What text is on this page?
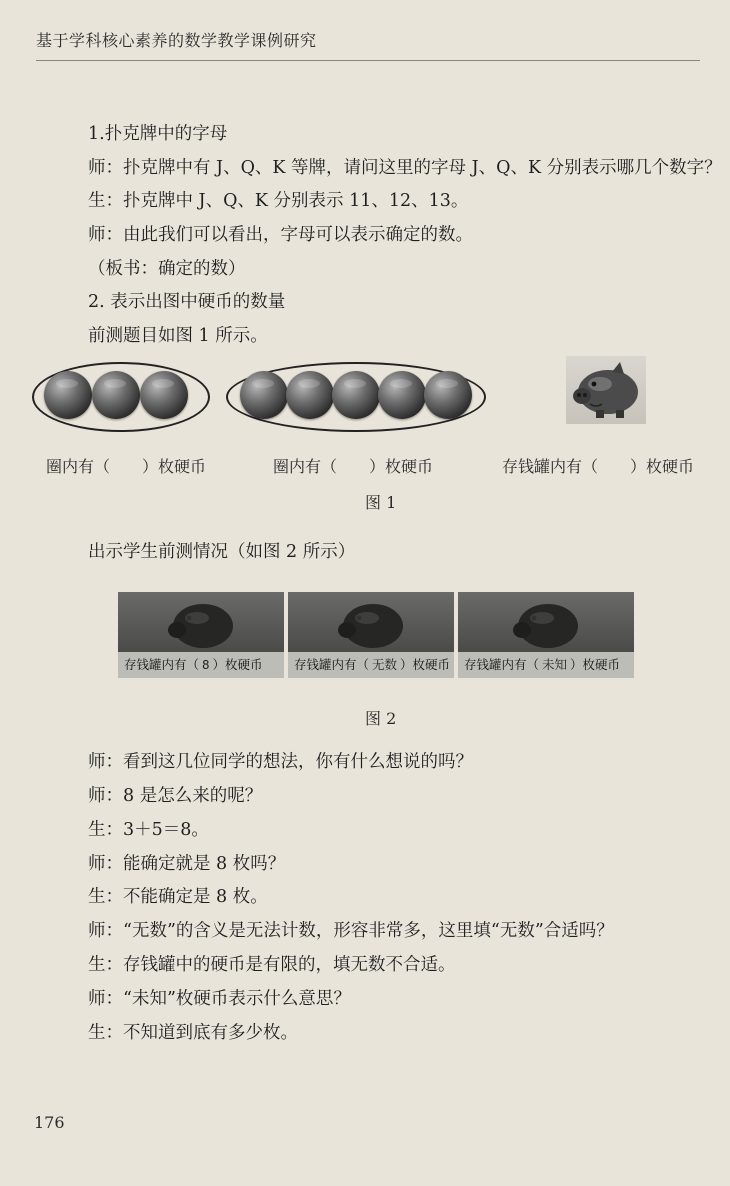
基于学科核心素养的数学教学课例研究
1.扑克牌中的字母
师：扑克牌中有 J、Q、K 等牌，请问这里的字母 J、Q、K 分别表示哪几个数字？
生：扑克牌中 J、Q、K 分别表示 11、12、13。
师：由此我们可以看出，字母可以表示确定的数。
（板书：确定的数）
2. 表示出图中硬币的数量
前测题目如图 1 所示。
圈内有（　　）枚硬币	圈内有（　　）枚硬币	存钱罐内有（　　）枚硬币
图 1
出示学生前测情况（如图 2 所示）
存钱罐内有（ 8 ）枚硬币	存钱罐内有（ 无数 ）枚硬币 存钱罐内有（ 未知 ）枚硬币
图 2
师：看到这几位同学的想法，你有什么想说的吗？
师：8 是怎么来的呢？
生：3＋5＝8。
师：能确定就是 8 枚吗？
生：不能确定是 8 枚。
师：“无数”的含义是无法计数，形容非常多，这里填“无数”合适吗？
生：存钱罐中的硬币是有限的，填无数不合适。
师：“未知”枚硬币表示什么意思？
生：不知道到底有多少枚。
176
